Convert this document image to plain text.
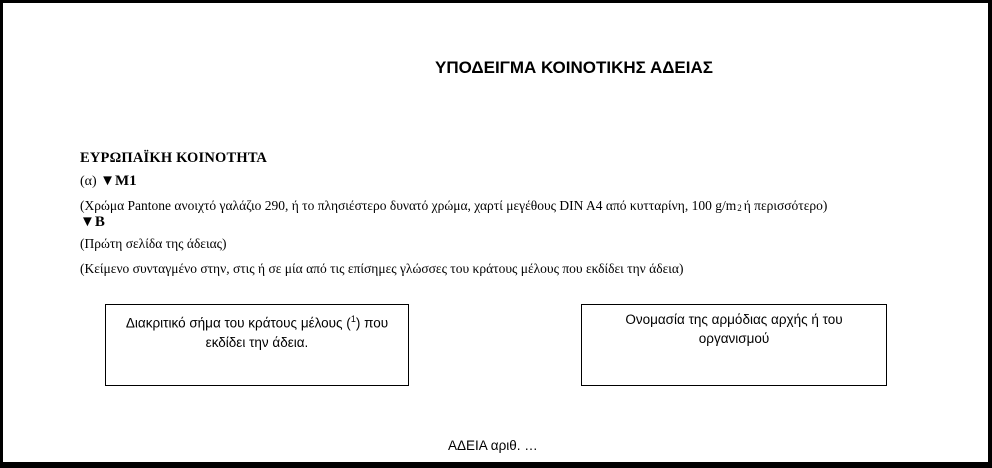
ΥΠΟΔΕΙΓΜΑ ΚΟΙΝΟΤΙΚΗΣ ΑΔΕΙΑΣ
ΕΥΡΩΠΑΪΚΗ ΚΟΙΝΟΤΗΤΑ
(α) ▼M1
(Χρώμα Pantone ανοιχτό γαλάζιο 290, ή το πλησιέστερο δυνατό χρώμα, χαρτί μεγέθους DIN A4 από κυτταρίνη, 100 $g/m_2$ ή περισσότερο)
▼B
(Πρώτη σελίδα της άδειας)
(Κείμενο συνταγμένο στην, στις ή σε μία από τις επίσημες γλώσσες του κράτους μέλους που εκδίδει την άδεια)
Διακριτικό σήμα του κράτους μέλους ($^1$) που
εκδίδει την άδεια.
Ονομασία της αρμόδιας αρχής ή του
οργανισμού
ΑΔΕΙΑ αριθ. …
